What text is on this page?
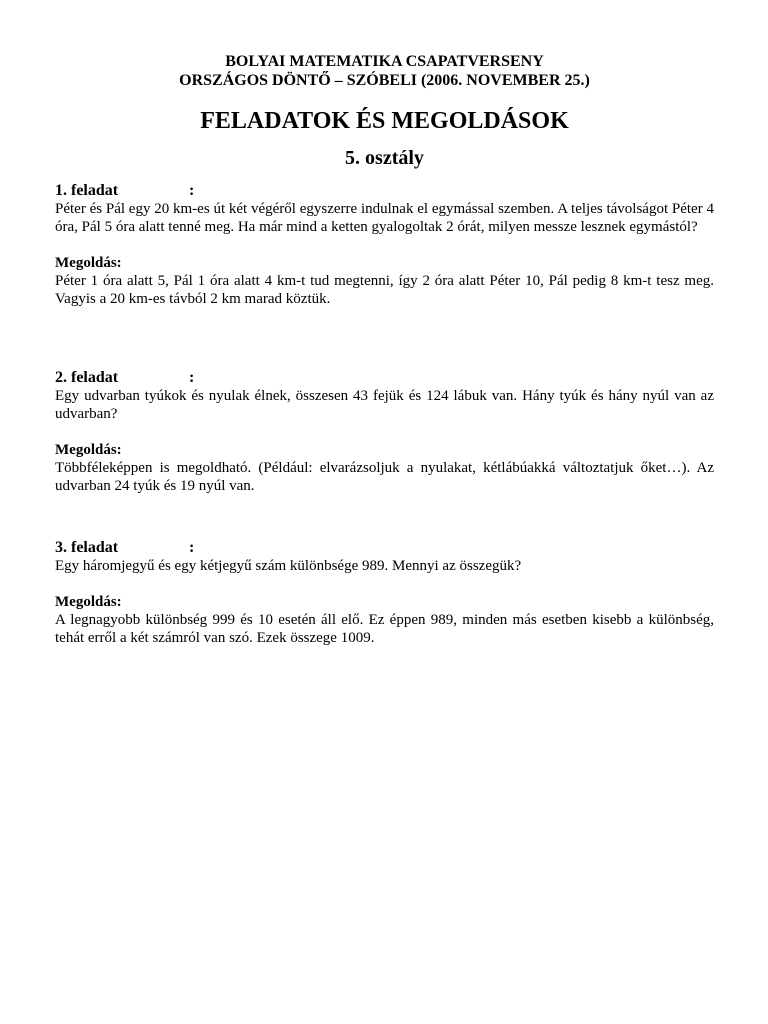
BOLYAI MATEMATIKA CSAPATVERSENY
ORSZÁGOS DÖNTŐ – SZÓBELI (2006. NOVEMBER 25.)
FELADATOK ÉS MEGOLDÁSOK
5. osztály
1. feladat	:

Péter és Pál egy 20 km-es út két végéről egyszerre indulnak el egymással szemben. A teljes távolságot Péter 4 óra, Pál 5 óra alatt tenné meg. Ha már mind a ketten gyalogoltak 2 órát, milyen messze lesznek egymástól?

Megoldás:

Péter 1 óra alatt 5, Pál 1 óra alatt 4 km-t tud megtenni, így 2 óra alatt Péter 10, Pál pedig 8 km-t tesz meg. Vagyis a 20 km-es távból 2 km marad köztük.

2. feladat	:

Egy udvarban tyúkok és nyulak élnek, összesen 43 fejük és 124 lábuk van. Hány tyúk és hány nyúl van az udvarban?

Megoldás:

Többféleképpen is megoldható. (Például: elvarázsoljuk a nyulakat, kétlábúakká változtatjuk őket…). Az udvarban 24 tyúk és 19 nyúl van.

3. feladat	:

Egy háromjegyű és egy kétjegyű szám különbsége 989. Mennyi az összegük?

Megoldás:

A legnagyobb különbség 999 és 10 esetén áll elő. Ez éppen 989, minden más esetben kisebb a különbség, tehát erről a két számról van szó. Ezek összege 1009.
